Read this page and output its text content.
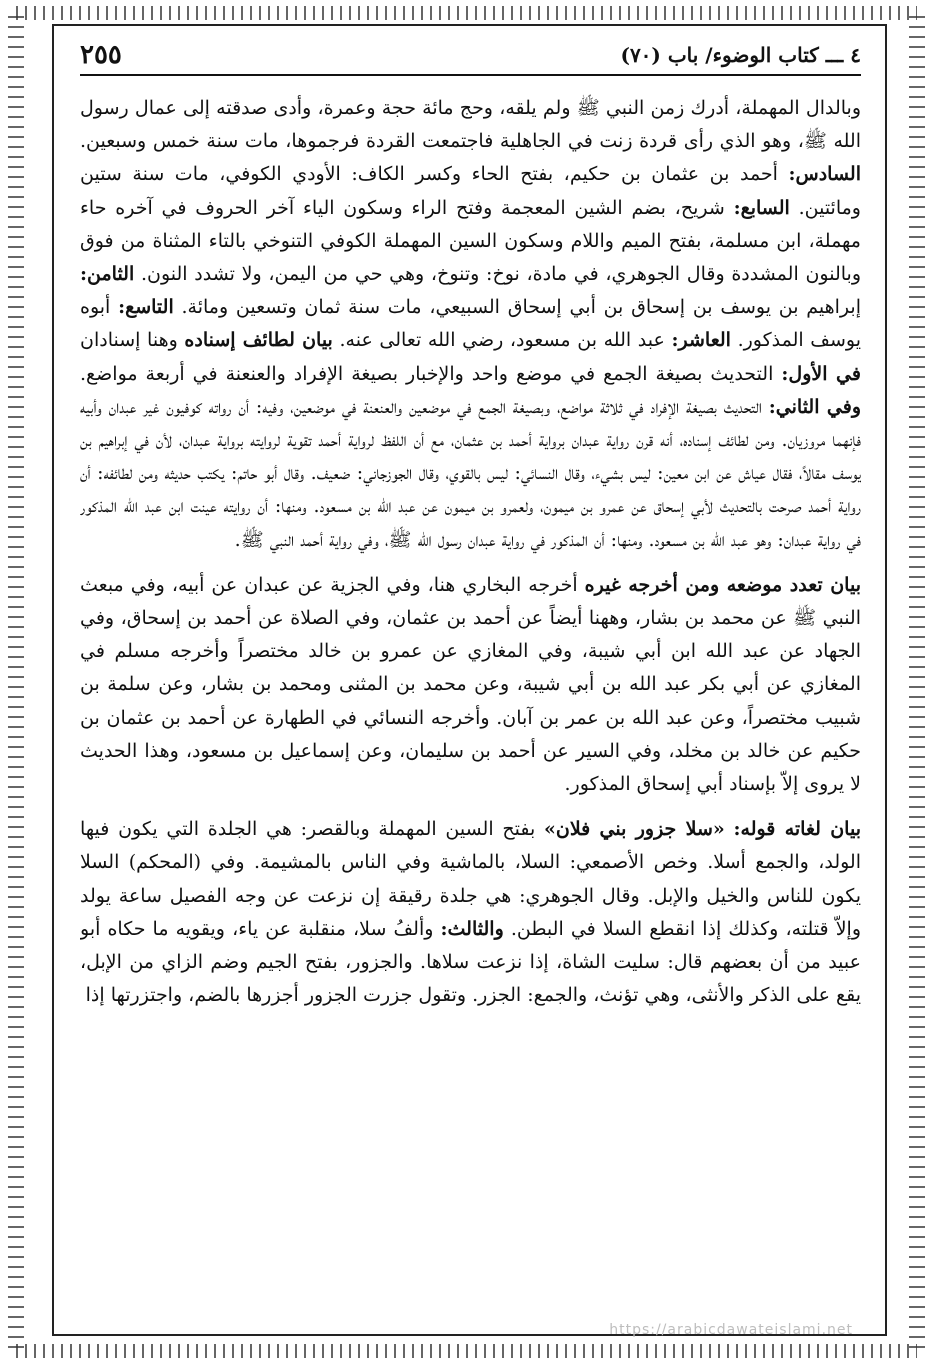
٤ ـــ كتاب الوضوء/ باب (٧٠)
٢٥٥
وبالدال المهملة، أدرك زمن النبي ﷺ ولم يلقه، وحج مائة حجة وعمرة، وأدى صدقته إلى عمال رسول الله ﷺ، وهو الذي رأى قردة زنت في الجاهلية فاجتمعت القردة فرجموها، مات سنة خمس وسبعين. السادس: أحمد بن عثمان بن حكيم، بفتح الحاء وكسر الكاف: الأودي الكوفي، مات سنة ستين ومائتين. السابع: شريح، بضم الشين المعجمة وفتح الراء وسكون الياء آخر الحروف في آخره حاء مهملة، ابن مسلمة، بفتح الميم واللام وسكون السين المهملة الكوفي التنوخي بالتاء المثناة من فوق وبالنون المشددة وقال الجوهري، في مادة، نوخ: وتنوخ، وهي حي من اليمن، ولا تشدد النون. الثامن: إبراهيم بن يوسف بن إسحاق بن أبي إسحاق السبيعي، مات سنة ثمان وتسعين ومائة. التاسع: أبوه يوسف المذكور. العاشر: عبد الله بن مسعود، رضي الله تعالى عنه. بيان لطائف إسناده وهنا إسنادان في الأول: التحديث بصيغة الجمع في موضع واحد والإخبار بصيغة الإفراد والعنعنة في أربعة مواضع. وفي الثاني: التحديث بصيغة الإفراد في ثلاثة مواضع، وبصيغة الجمع في موضعين والعنعنة في موضعين، وفيه: أن رواته كوفيون غير عبدان وأبيه فإنهما مروزيان. ومن لطائف إسناده، أنه قرن رواية عبدان برواية أحمد بن عثمان، مع أن اللفظ لرواية أحمد تقوية لروايته برواية عبدان، لأن في إبراهيم بن يوسف مقالاً، فقال عياش عن ابن معين: ليس بشيء، وقال النسائي: ليس بالقوي، وقال الجوزجاني: ضعيف. وقال أبو حاتم: يكتب حديثه ومن لطائفه: أن رواية أحمد صرحت بالتحديث لأبي إسحاق عن عمرو بن ميمون، ولعمرو بن ميمون عن عبد الله بن مسعود. ومنها: أن روايته عينت ابن عبد الله المذكور في رواية عبدان: وهو عبد الله بن مسعود. ومنها: أن المذكور في رواية عبدان رسول الله ﷺ، وفي رواية أحمد النبي ﷺ.
بيان تعدد موضعه ومن أخرجه غيره أخرجه البخاري هنا، وفي الجزية عن عبدان عن أبيه، وفي مبعث النبي ﷺ عن محمد بن بشار، وههنا أيضاً عن أحمد بن عثمان، وفي الصلاة عن أحمد بن إسحاق، وفي الجهاد عن عبد الله ابن أبي شيبة، وفي المغازي عن عمرو بن خالد مختصراً وأخرجه مسلم في المغازي عن أبي بكر عبد الله بن أبي شيبة، وعن محمد بن المثنى ومحمد بن بشار، وعن سلمة بن شبيب مختصراً، وعن عبد الله بن عمر بن آبان. وأخرجه النسائي في الطهارة عن أحمد بن عثمان بن حكيم عن خالد بن مخلد، وفي السير عن أحمد بن سليمان، وعن إسماعيل بن مسعود، وهذا الحديث لا يروى إلاّ بإسناد أبي إسحاق المذكور.
بيان لغاته قوله: «سلا جزور بني فلان» بفتح السين المهملة وبالقصر: هي الجلدة التي يكون فيها الولد، والجمع أسلا. وخص الأصمعي: السلا، بالماشية وفي الناس بالمشيمة. وفي (المحكم) السلا يكون للناس والخيل والإبل. وقال الجوهري: هي جلدة رقيقة إن نزعت عن وجه الفصيل ساعة يولد وإلاّ قتلته، وكذلك إذا انقطع السلا في البطن. والثالث: وألفُ سلا، منقلبة عن ياء، ويقويه ما حكاه أبو عبيد من أن بعضهم قال: سليت الشاة، إذا نزعت سلاها. والجزور، بفتح الجيم وضم الزاي من الإبل، يقع على الذكر والأنثى، وهي تؤنث، والجمع: الجزر. وتقول جزرت الجزور أجزرها بالضم، واجتزرتها إذا
https://arabicdawateislami.net
